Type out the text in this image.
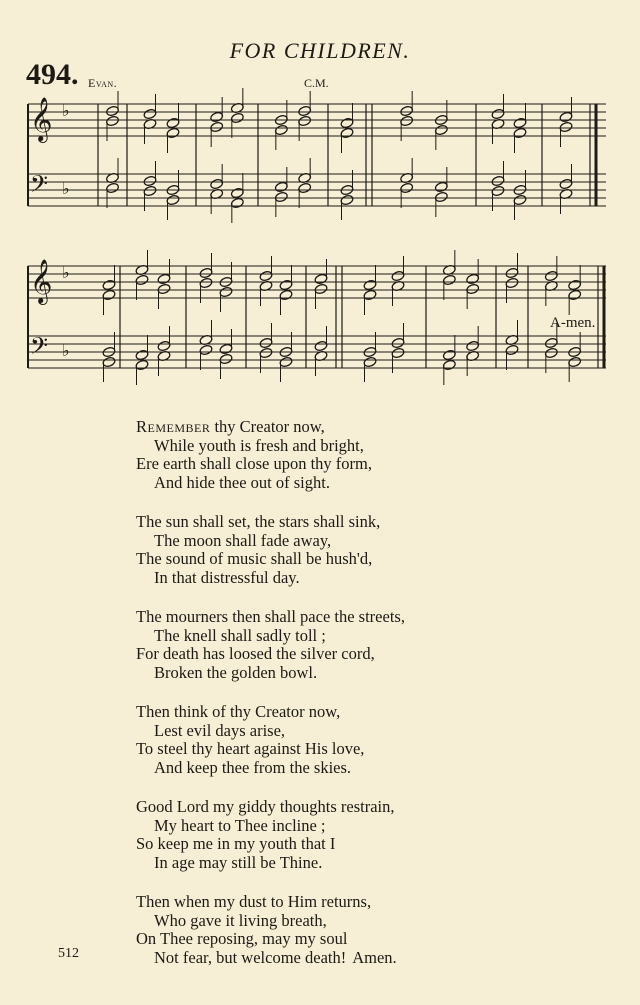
FOR CHILDREN.
494. Evan.	C.M.
𝄞 ♭
𝄢 ♭
𝄞 ♭
𝄢 ♭
A-men.
Remember thy Creator now,
While youth is fresh and bright,
Ere earth shall close upon thy form,
And hide thee out of sight.
The sun shall set, the stars shall sink,
The moon shall fade away,
The sound of music shall be hush'd,
In that distressful day.
The mourners then shall pace the streets,
The knell shall sadly toll ;
For death has loosed the silver cord,
Broken the golden bowl.
Then think of thy Creator now,
Lest evil days arise,
To steel thy heart against His love,
And keep thee from the skies.
Good Lord my giddy thoughts restrain,
My heart to Thee incline ;
So keep me in my youth that I
In age may still be Thine.
Then when my dust to Him returns,
Who gave it living breath,
On Thee reposing, may my soul
Not fear, but welcome death! Amen.
512
